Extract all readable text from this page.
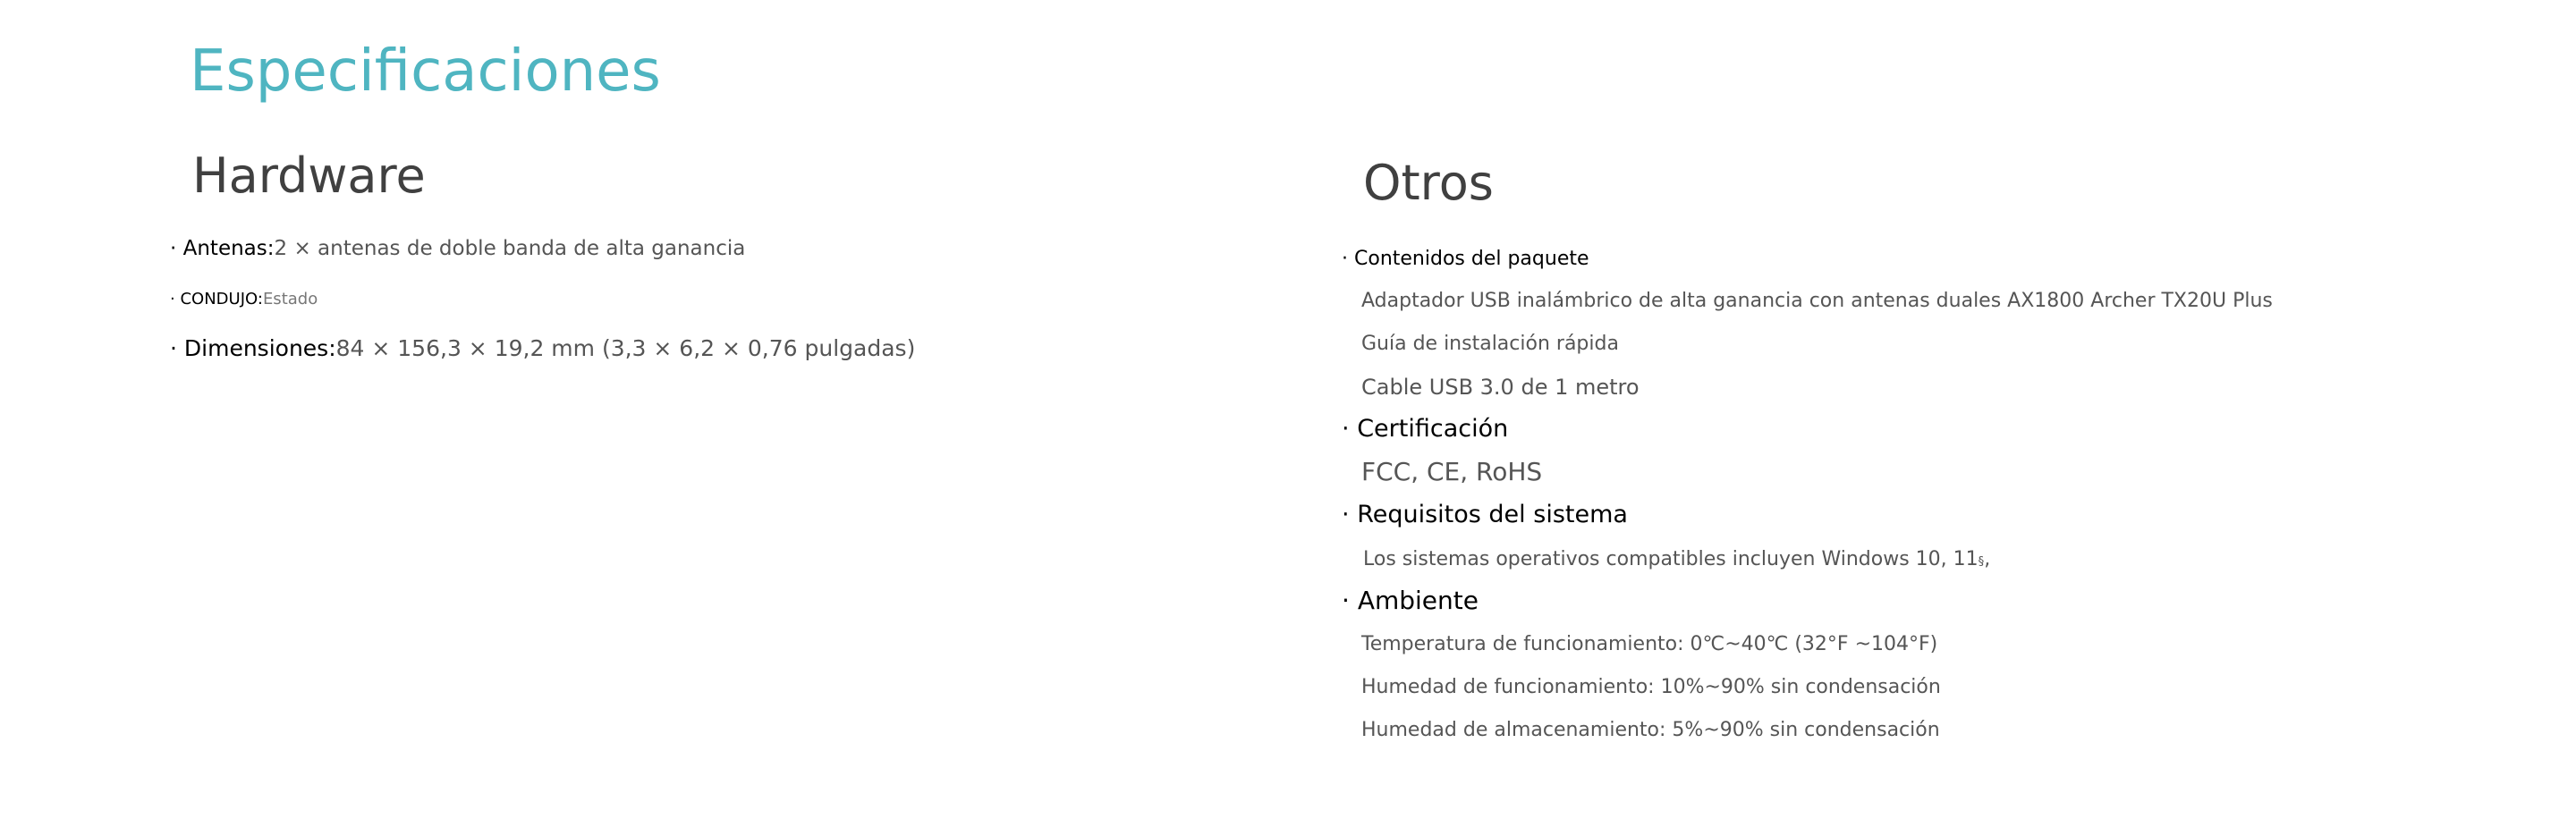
Especificaciones
Hardware
· Antenas:2 × antenas de doble banda de alta ganancia
· CONDUJO:Estado
· Dimensiones:84 × 156,3 × 19,2 mm (3,3 × 6,2 × 0,76 pulgadas)
Otros
· Contenidos del paquete
Adaptador USB inalámbrico de alta ganancia con antenas duales AX1800 Archer TX20U Plus
Guía de instalación rápida
Cable USB 3.0 de 1 metro
· Certificación
FCC, CE, RoHS
· Requisitos del sistema
Los sistemas operativos compatibles incluyen Windows 10, 11§,
· Ambiente
Temperatura de funcionamiento: 0℃~40℃ (32°F ~104°F)
Humedad de funcionamiento: 10%~90% sin condensación
Humedad de almacenamiento: 5%~90% sin condensación
